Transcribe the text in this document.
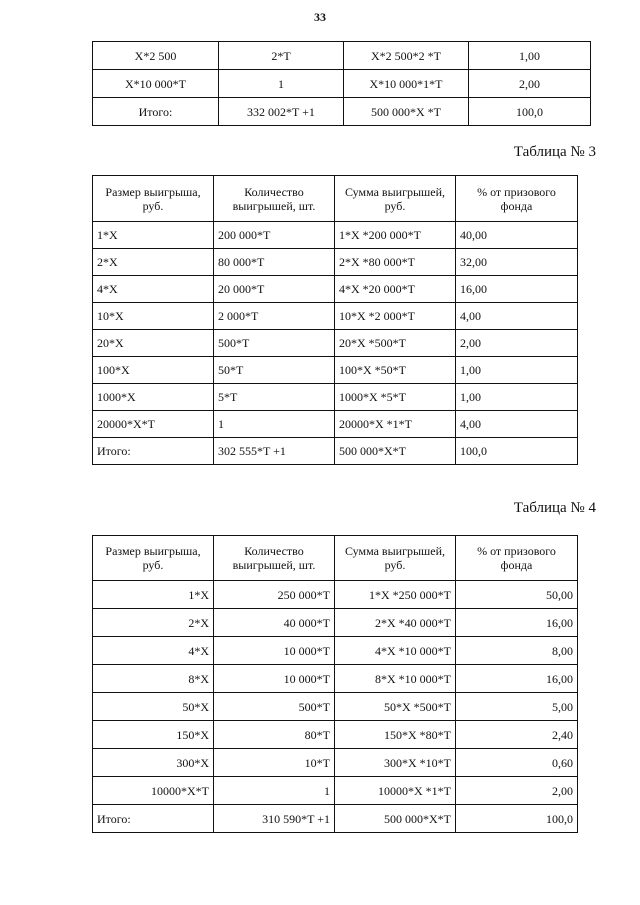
33
X*2 500	2*T	X*2 500*2 *T	1,00
X*10 000*T	1	X*10 000*1*T	2,00
Итого:	332 002*T +1	500 000*X *T	100,0
Таблица № 3
Размер выигрыша, руб.	Количество выигрышей, шт.	Сумма выигрышей, руб.	% от призового фонда
1*X	200 000*T	1*X *200 000*T	40,00
2*X	80 000*T	2*X *80 000*T	32,00
4*X	20 000*T	4*X *20 000*T	16,00
10*X	2 000*T	10*X *2 000*T	4,00
20*X	500*T	20*X *500*T	2,00
100*X	50*T	100*X *50*T	1,00
1000*X	5*T	1000*X *5*T	1,00
20000*X*T	1	20000*X *1*T	4,00
Итого:	302 555*T +1	500 000*X*T	100,0
Таблица № 4
Размер выигрыша, руб.	Количество выигрышей, шт.	Сумма выигрышей, руб.	% от призового фонда
1*X	250 000*T	1*X *250 000*T	50,00
2*X	40 000*T	2*X *40 000*T	16,00
4*X	10 000*T	4*X *10 000*T	8,00
8*X	10 000*T	8*X *10 000*T	16,00
50*X	500*T	50*X *500*T	5,00
150*X	80*T	150*X *80*T	2,40
300*X	10*T	300*X *10*T	0,60
10000*X*T	1	10000*X *1*T	2,00
Итого:	310 590*T +1	500 000*X*T	100,0
